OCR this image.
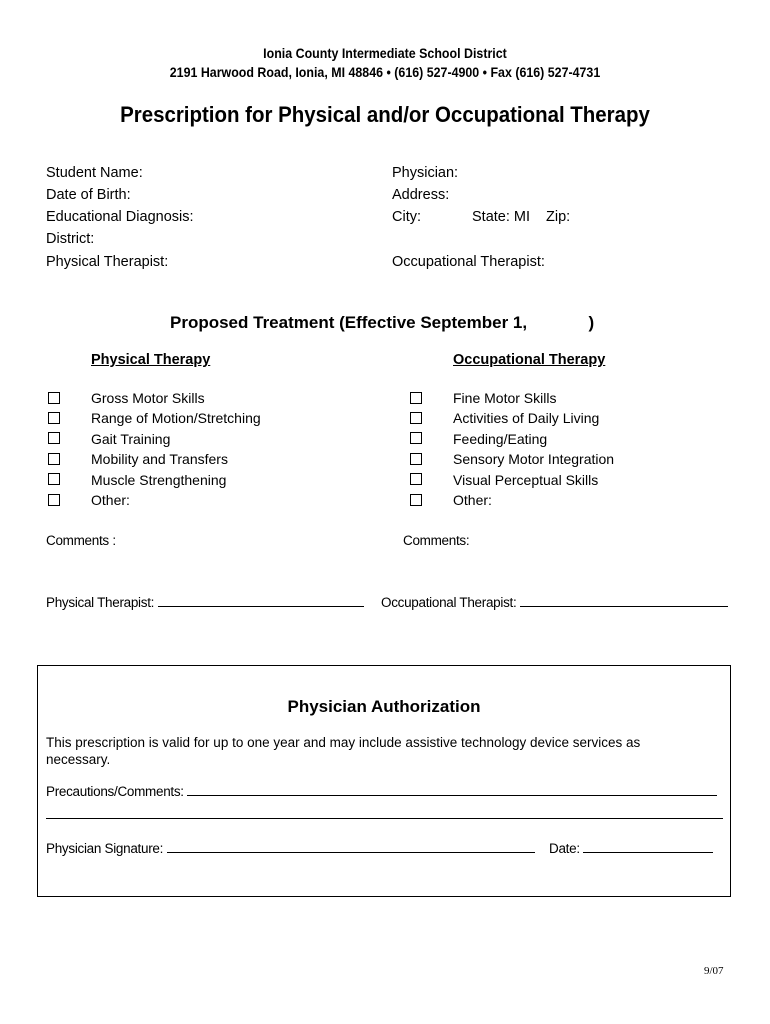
Ionia County Intermediate School District
2191 Harwood Road, Ionia, MI 48846 • (616) 527-4900 • Fax (616) 527-4731
Prescription for Physical and/or Occupational Therapy
Student Name:
Date of Birth:
Educational Diagnosis:
District:
Physical Therapist:
Physician:
Address:
City:	State: MI Zip:
Occupational Therapist:
Proposed Treatment (Effective September 1,             )
Physical Therapy	Occupational Therapy
Gross Motor Skills
Range of Motion/Stretching
Gait Training
Mobility and Transfers
Muscle Strengthening
Other:
Fine Motor Skills
Activities of Daily Living
Feeding/Eating
Sensory Motor Integration
Visual Perceptual Skills
Other:
Comments :	Comments:
Physical Therapist:	Occupational Therapist:
Physician Authorization
This prescription is valid for up to one year and may include assistive technology device services as necessary.
Precautions/Comments:
Physician Signature:	Date:
9/07
